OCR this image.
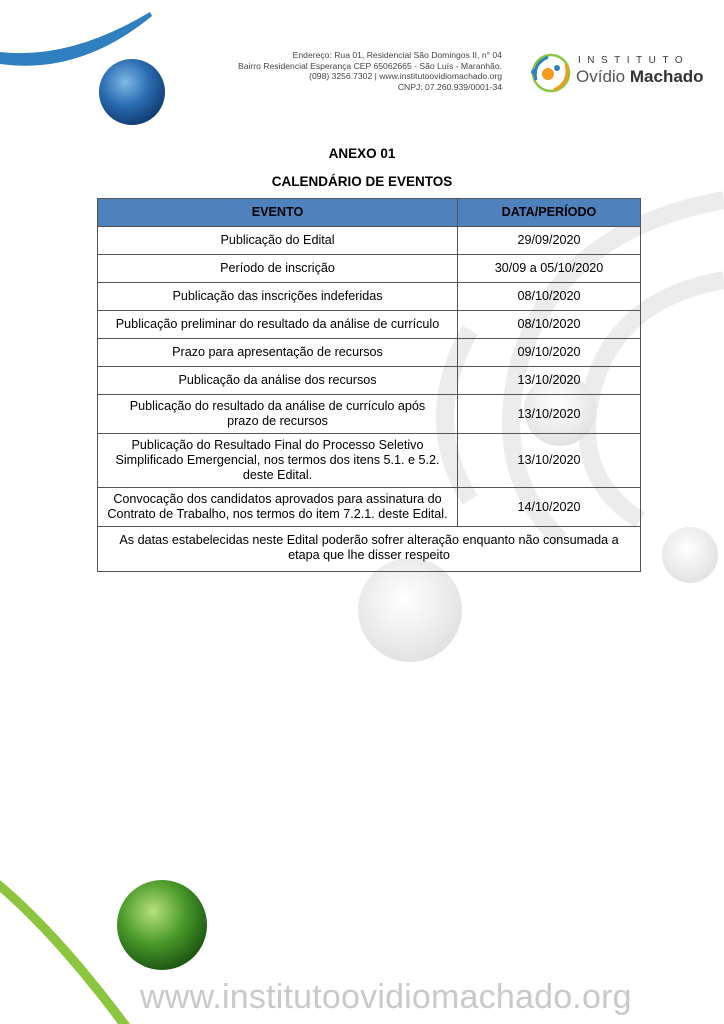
Endereço: Rua 01, Residencial São Domingos II, n° 04
Bairro Residencial Esperança CEP 65062665 - São Luís - Maranhão.
(098) 3256.7302 | www.institutoovidiomachado.org
CNPJ: 07.260.939/0001-34
INSTITUTO
Ovídio Machado
ANEXO 01
CALENDÁRIO DE EVENTOS
EVENTO	DATA/PERÍODO
Publicação do Edital	29/09/2020
Período de inscrição	30/09 a 05/10/2020
Publicação das inscrições indeferidas	08/10/2020
Publicação preliminar do resultado da análise de currículo	08/10/2020
Prazo para apresentação de recursos	09/10/2020
Publicação da análise dos recursos	13/10/2020
Publicação do resultado da análise de currículo após prazo de recursos	13/10/2020
Publicação do Resultado Final do Processo Seletivo Simplificado Emergencial, nos termos dos itens 5.1. e 5.2. deste Edital.	13/10/2020
Convocação dos candidatos aprovados para assinatura do Contrato de Trabalho, nos termos do item 7.2.1. deste Edital.	14/10/2020
As datas estabelecidas neste Edital poderão sofrer alteração enquanto não consumada a etapa que lhe disser respeito	
www.institutoovidiomachado.org
